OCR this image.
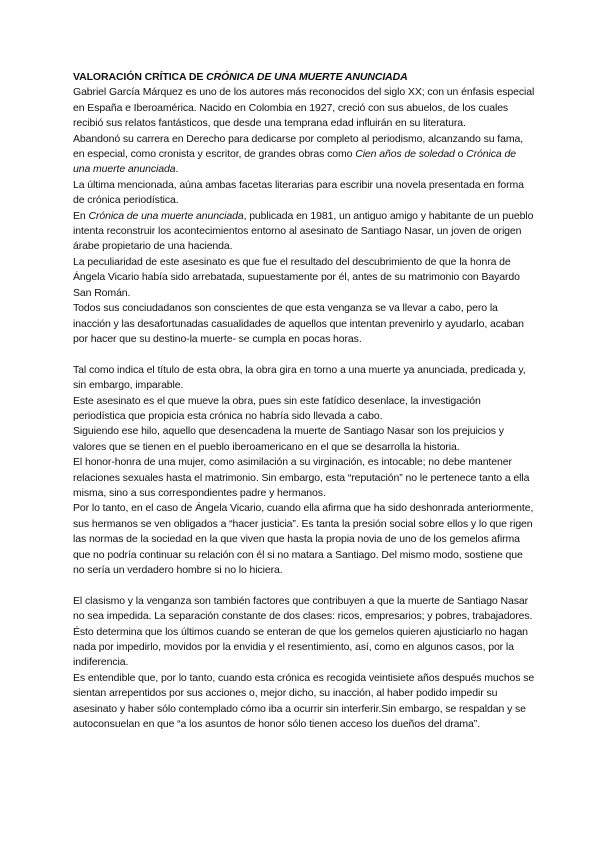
VALORACIÓN CRÍTICA DE CRÓNICA DE UNA MUERTE ANUNCIADA

Gabriel García Márquez es uno de los autores más reconocidos del siglo XX; con un énfasis especial en España e Iberoamérica. Nacido en Colombia en 1927, creció con sus abuelos, de los cuales recibió sus relatos fantásticos, que desde una temprana edad influirán en su literatura.

Abandonó su carrera en Derecho para dedicarse por completo al periodismo, alcanzando su fama, en especial, como cronista y escritor, de grandes obras como Cien años de soledad o Crónica de una muerte anunciada.

La última mencionada, aúna ambas facetas literarias para escribir una novela presentada en forma de crónica periodística.

En Crónica de una muerte anunciada, publicada en 1981, un antiguo amigo y habitante de un pueblo intenta reconstruir los acontecimientos entorno al asesinato de Santiago Nasar, un joven de origen árabe propietario de una hacienda.

La peculiaridad de este asesinato es que fue el resultado del descubrimiento de que la honra de Ángela Vicario había sido arrebatada, supuestamente por él, antes de su matrimonio con Bayardo San Román.

Todos sus conciudadanos son conscientes de que esta venganza se va llevar a cabo, pero la inacción y las desafortunadas casualidades de aquellos que intentan prevenirlo y ayudarlo, acaban por hacer que su destino-la muerte- se cumpla en pocas horas.

Tal como indica el título de esta obra, la obra gira en torno a una muerte ya anunciada, predicada y, sin embargo, imparable.

Este asesinato es el que mueve la obra, pues sin este fatídico desenlace, la investigación periodística que propicia esta crónica no habría sido llevada a cabo.

Siguiendo ese hilo, aquello que desencadena la muerte de Santiago Nasar son los prejuicios y valores que se tienen en el pueblo iberoamericano en el que se desarrolla la historia.

El honor-honra de una mujer, como asimilación a su virginación, es intocable; no debe mantener relaciones sexuales hasta el matrimonio. Sin embargo, esta “reputación” no le pertenece tanto a ella misma, sino a sus correspondientes padre y hermanos.

Por lo tanto, en el caso de Ángela Vicario, cuando ella afirma que ha sido deshonrada anteriormente, sus hermanos se ven obligados a “hacer justicia”. Es tanta la presión social sobre ellos y lo que rigen las normas de la sociedad en la que viven que hasta la propia novia de uno de los gemelos afirma que no podría continuar su relación con él si no matara a Santiago. Del mismo modo, sostiene que no sería un verdadero hombre si no lo hiciera.

El clasismo y la venganza son también factores que contribuyen a que la muerte de Santiago Nasar no sea impedida. La separación constante de dos clases: ricos, empresarios; y pobres, trabajadores. Ésto determina que los últimos cuando se enteran de que los gemelos quieren ajusticiarlo no hagan nada por impedirlo, movidos por la envidia y el resentimiento, así, como en algunos casos, por la indiferencia.

Es entendible que, por lo tanto, cuando esta crónica es recogida veintisiete años después muchos se sientan arrepentidos por sus acciones o, mejor dicho, su inacción, al haber podido impedir su asesinato y haber sólo contemplado cómo iba a ocurrir sin interferir.Sin embargo, se respaldan y se autoconsuelan en que “a los asuntos de honor sólo tienen acceso los dueños del drama”.
